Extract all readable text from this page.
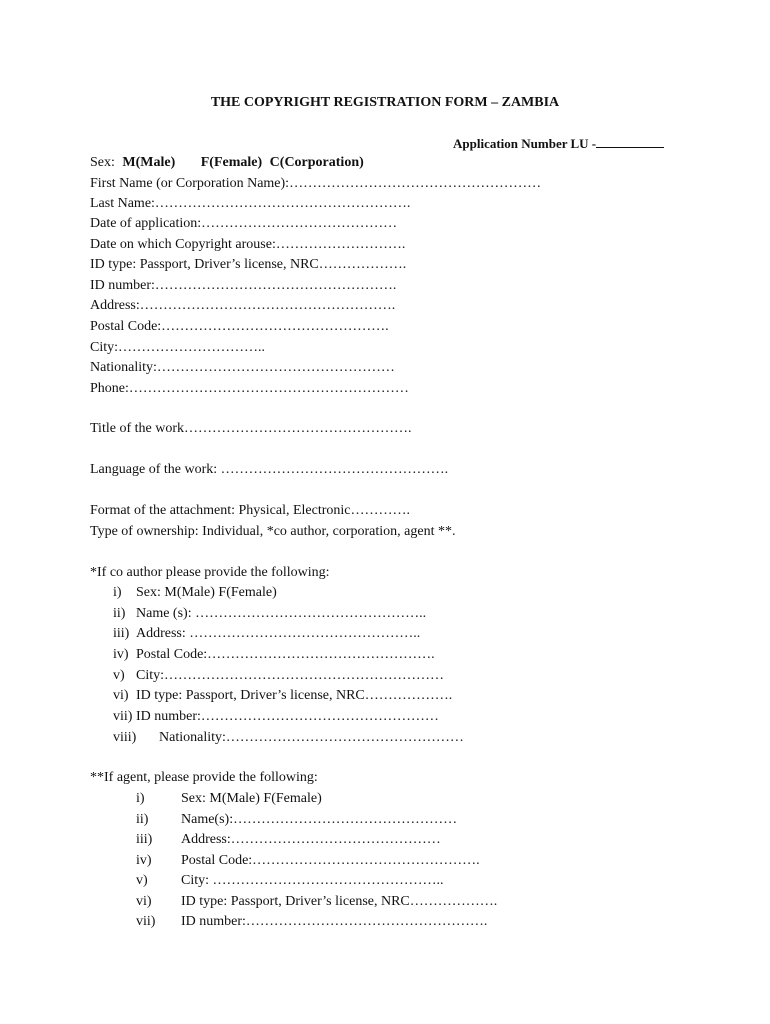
THE COPYRIGHT REGISTRATION FORM – ZAMBIA
Application Number LU -
Sex: M(Male) F(Female) C(Corporation)
First Name (or Corporation Name):………………………………………………
Last Name:……………………………………………….
Date of application:……………………………………
Date on which Copyright arouse:……………………….
ID type: Passport, Driver’s license, NRC……………….
ID number:…………………………………………….
Address:……………………………………………….
Postal Code:………………………………………….
City:…………………………..
Nationality:……………………………………………
Phone:……………………………………………………
Title of the work………………………………………….
Language of the work: ………………………………………….
Format of the attachment: Physical, Electronic………….
Type of ownership: Individual, *co author, corporation, agent **.
*If co author please provide the following:
i) Sex: M(Male) F(Female)
ii) Name (s): …………………………………………..
iii) Address: …………………………………………..
iv) Postal Code:………………………………………….
v) City:……………………………………………………
vi) ID type: Passport, Driver’s license, NRC……………….
vii) ID number:……………………………………………
viii) Nationality:……………………………………………
**If agent, please provide the following:
i)	Sex: M(Male) F(Female)
ii) Name(s):…………………………………………
iii) Address:………………………………………
iv) Postal Code:………………………………………….
v) City: …………………………………………..
vi) ID type: Passport, Driver’s license, NRC……………….
vii) ID number:…………………………………………….
